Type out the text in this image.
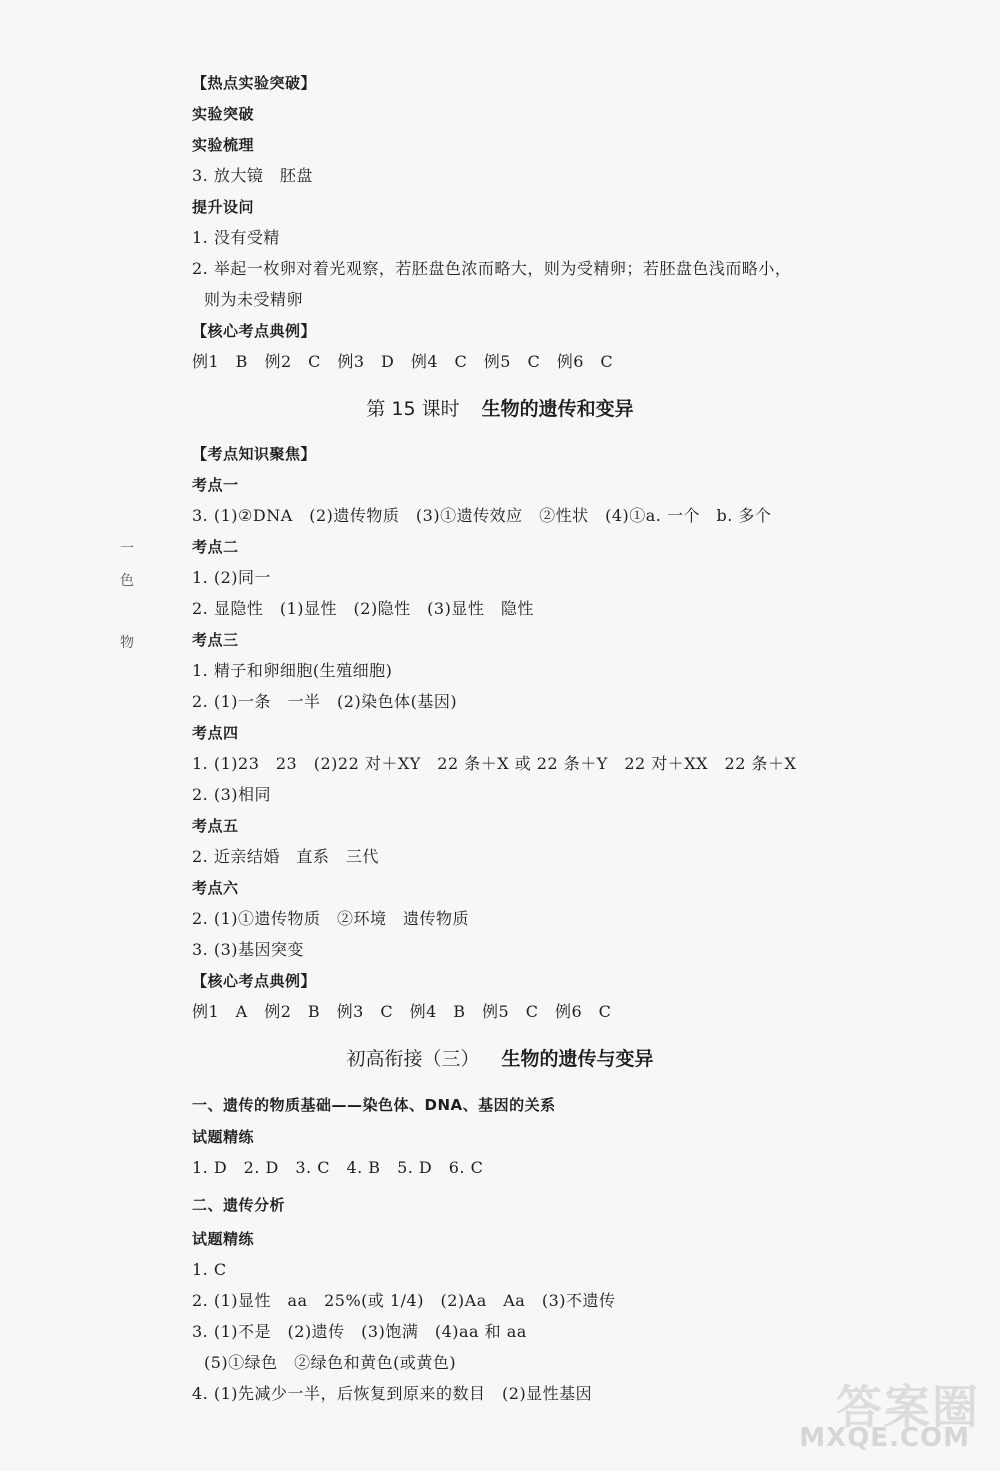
【热点实验突破】
实验突破
实验梳理
3. 放大镜　胚盘
提升设问
1. 没有受精
2. 举起一枚卵对着光观察，若胚盘色浓而略大，则为受精卵；若胚盘色浅而略小，
则为未受精卵
【核心考点典例】
例1　B　例2　C　例3　D　例4　C　例5　C　例6　C
第 15 课时 生物的遗传和变异
【考点知识聚焦】
考点一
3. (1)②DNA　(2)遗传物质　(3)①遗传效应　②性状　(4)①a. 一个　b. 多个
考点二
1. (2)同一
2. 显隐性　(1)显性　(2)隐性　(3)显性　隐性
考点三
1. 精子和卵细胞(生殖细胞)
2. (1)一条　一半　(2)染色体(基因)
考点四
1. (1)23　23　(2)22 对＋XY　22 条＋X 或 22 条＋Y　22 对＋XX　22 条＋X
2. (3)相同
考点五
2. 近亲结婚　直系　三代
考点六
2. (1)①遗传物质　②环境　遗传物质
3. (3)基因突变
【核心考点典例】
例1　A　例2　B　例3　C　例4　B　例5　C　例6　C
初高衔接（三） 生物的遗传与变异
一、遗传的物质基础——染色体、DNA、基因的关系
试题精练
1. D　2. D　3. C　4. B　5. D　6. C
二、遗传分析
试题精练
1. C
2. (1)显性　aa　25%(或 1/4)　(2)Aa　Aa　(3)不遗传
3. (1)不是　(2)遗传　(3)饱满　(4)aa 和 aa
(5)①绿色　②绿色和黄色(或黄色)
4. (1)先减少一半，后恢复到原来的数目　(2)显性基因
一
色
物
答案圈
MXQE.COM
